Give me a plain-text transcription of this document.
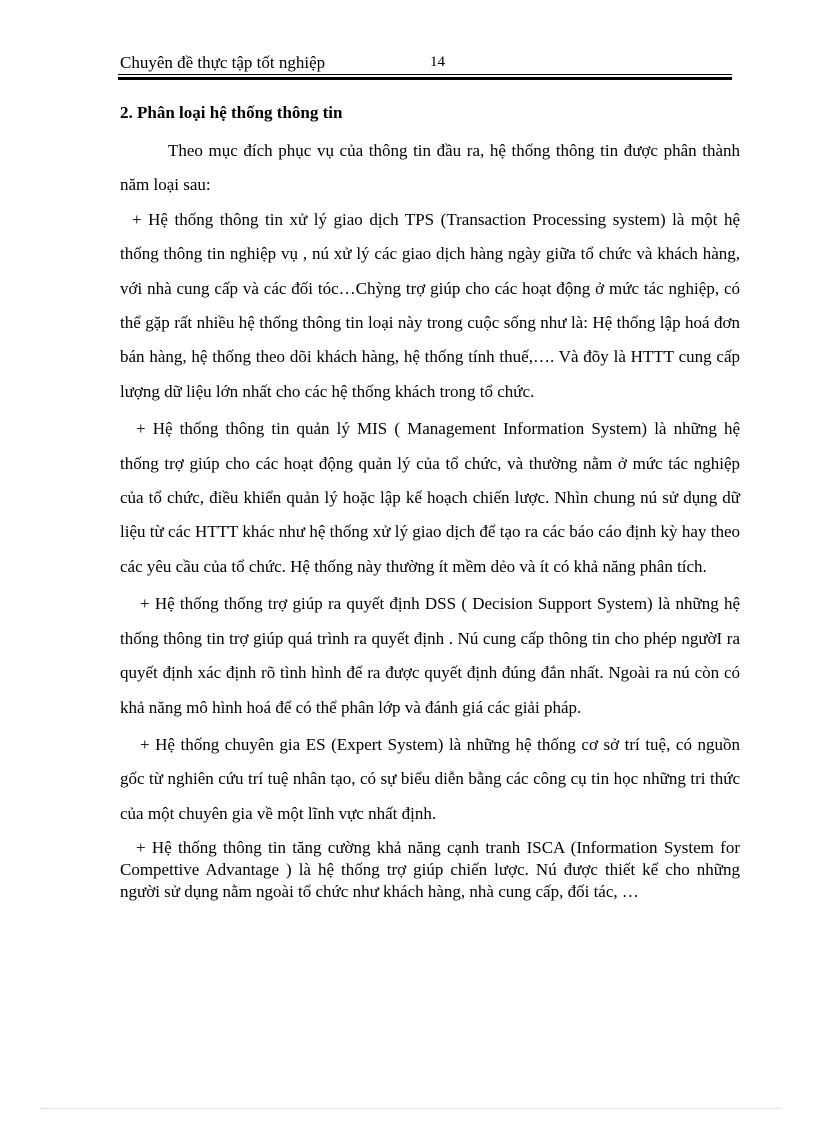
Chuyên đề thực tập tốt nghiệp	14
2. Phân loại hệ thống thông tin

Theo mục đích phục vụ của thông tin đầu ra, hệ thống thông tin được phân thành năm loại sau:

+ Hệ thống thông tin xử lý giao dịch TPS (Transaction Processing system) là một hệ thống thông tin nghiệp vụ , nú xử lý các giao dịch hàng ngày giữa tổ chức và khách hàng, với nhà cung cấp và các đối tóc…Chỳng trợ giúp cho các hoạt động ở mức tác nghiệp, có thể gặp rất nhiều hệ thống thông tin loại này trong cuộc sống như là: Hệ thống lập hoá đơn bán hàng, hệ thống theo dõi khách hàng, hệ thống tính thuế,…. Và đõy là HTTT cung cấp lượng dữ liệu lớn nhất cho các hệ thống khách trong tổ chức.

+ Hệ thống thông tin quản lý MIS ( Management Information System) là những hệ thống trợ giúp cho các hoạt động quản lý của tổ chức, và thường nằm ở mức tác nghiệp của tổ chức, điều khiển quản lý hoặc lập kế hoạch chiến lược. Nhìn chung nú sử dụng dữ liệu từ các HTTT khác như hệ thống xử lý giao dịch để tạo ra các báo cáo định kỳ hay theo các yêu cầu của tổ chức. Hệ thống này thường ít mềm dẻo và ít có khả năng phân tích.

+ Hệ thống thống trợ giúp ra quyết định DSS ( Decision Support System) là những hệ thống thông tin trợ giúp quá trình ra quyết định . Nú cung cấp thông tin cho phép ngườI ra quyết định xác định rõ tình hình để ra được quyết định đúng đắn nhất. Ngoài ra nú còn có khả năng mô hình hoá để có thể phân lớp và đánh giá các giải pháp.

+ Hệ thống chuyên gia ES (Expert System) là những hệ thống cơ sở trí tuệ, có nguồn gốc từ nghiên cứu trí tuệ nhân tạo, có sự biểu diễn bằng các công cụ tin học những tri thức của một chuyên gia về một lĩnh vực nhất định.

+ Hệ thống thông tin tăng cường khả năng cạnh tranh ISCA (Information System for Compettive Advantage ) là hệ thống trợ giúp chiến lược. Nú được thiết kế cho những người sử dụng nằm ngoài tổ chức như khách hàng, nhà cung cấp, đối tác, …
